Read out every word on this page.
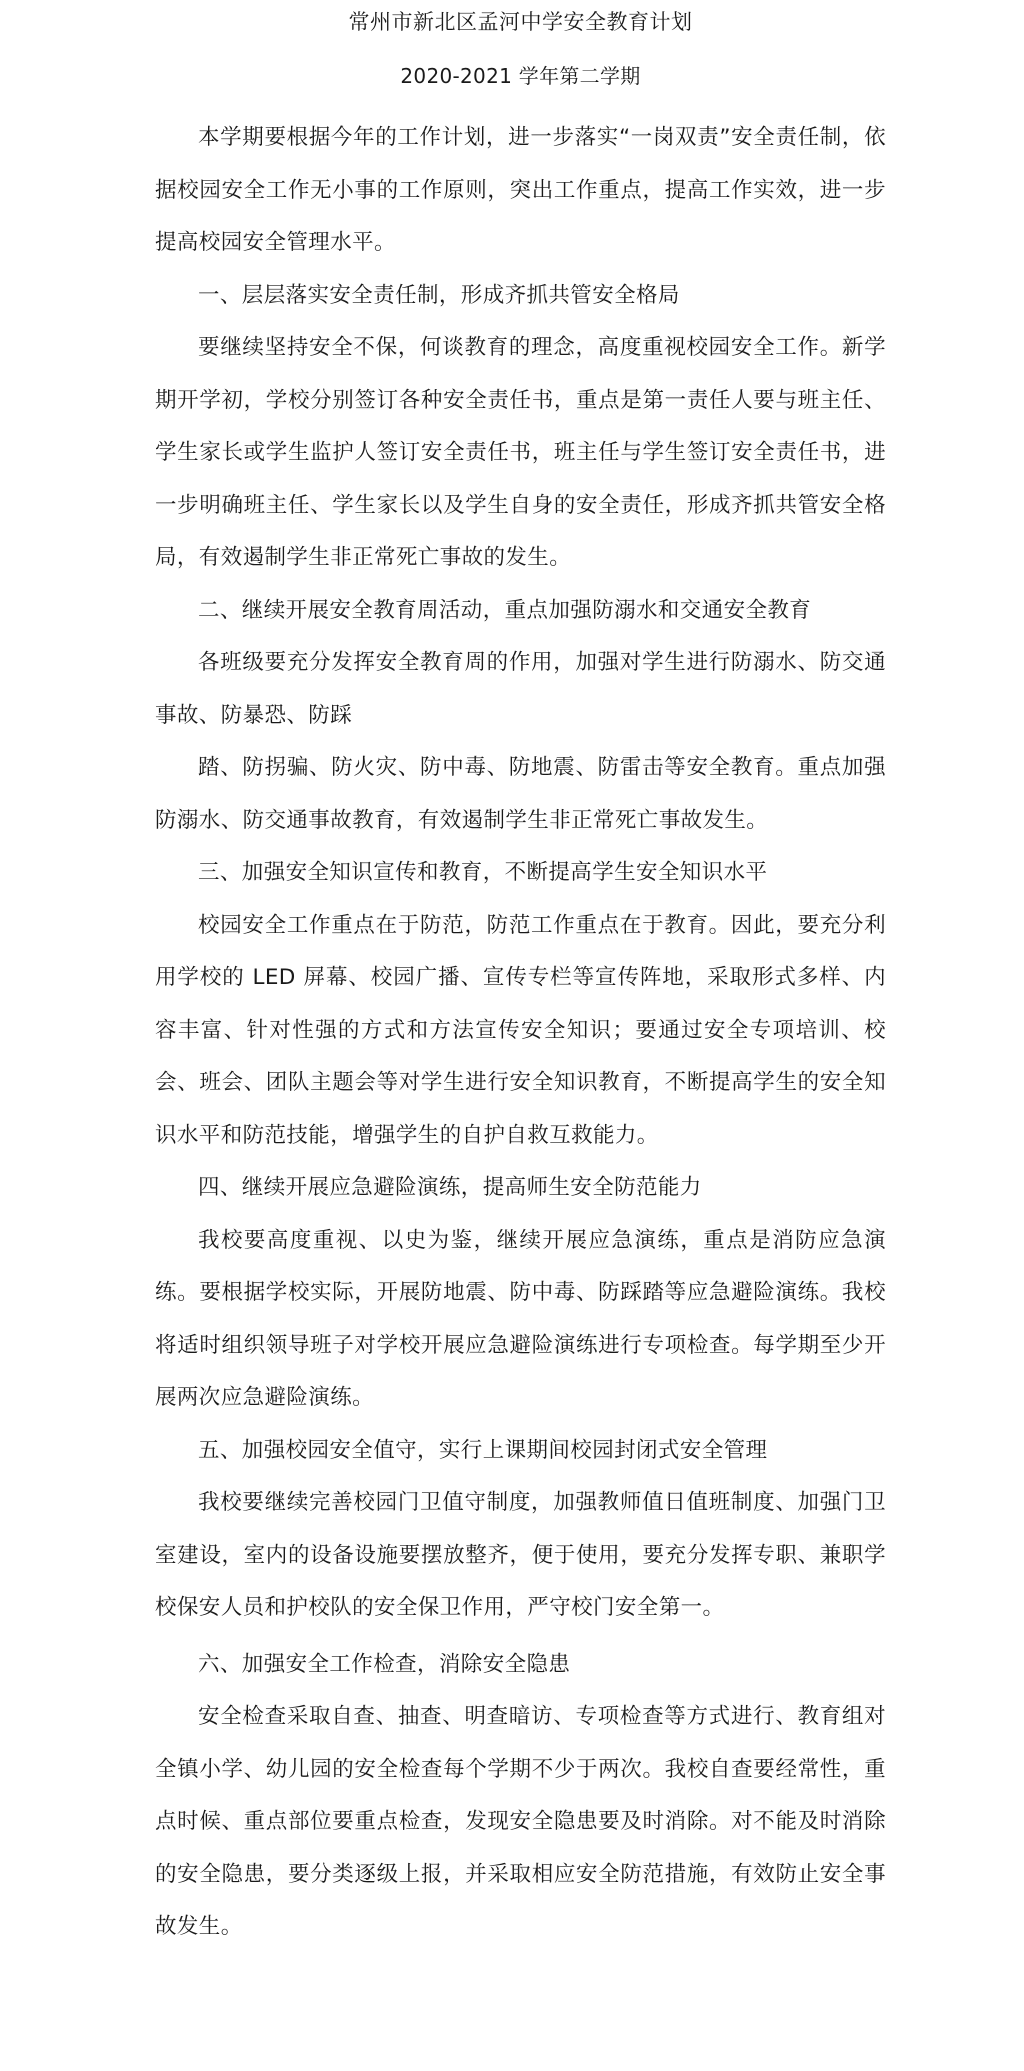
常州市新北区孟河中学安全教育计划
2020-2021 学年第二学期

本学期要根据今年的工作计划，进一步落实“一岗双责”安全责任制，依据校园安全工作无小事的工作原则，突出工作重点，提高工作实效，进一步提高校园安全管理水平。

一、层层落实安全责任制，形成齐抓共管安全格局

要继续坚持安全不保，何谈教育的理念，高度重视校园安全工作。新学期开学初，学校分别签订各种安全责任书，重点是第一责任人要与班主任、学生家长或学生监护人签订安全责任书，班主任与学生签订安全责任书，进一步明确班主任、学生家长以及学生自身的安全责任，形成齐抓共管安全格局，有效遏制学生非正常死亡事故的发生。

二、继续开展安全教育周活动，重点加强防溺水和交通安全教育

各班级要充分发挥安全教育周的作用，加强对学生进行防溺水、防交通事故、防暴恐、防踩

踏、防拐骗、防火灾、防中毒、防地震、防雷击等安全教育。重点加强防溺水、防交通事故教育，有效遏制学生非正常死亡事故发生。

三、加强安全知识宣传和教育，不断提高学生安全知识水平

校园安全工作重点在于防范，防范工作重点在于教育。因此，要充分利用学校的 LED 屏幕、校园广播、宣传专栏等宣传阵地，采取形式多样、内容丰富、针对性强的方式和方法宣传安全知识；要通过安全专项培训、校会、班会、团队主题会等对学生进行安全知识教育，不断提高学生的安全知识水平和防范技能，增强学生的自护自救互救能力。

四、继续开展应急避险演练，提高师生安全防范能力

我校要高度重视、以史为鉴，继续开展应急演练，重点是消防应急演练。要根据学校实际，开展防地震、防中毒、防踩踏等应急避险演练。我校将适时组织领导班子对学校开展应急避险演练进行专项检查。每学期至少开展两次应急避险演练。

五、加强校园安全值守，实行上课期间校园封闭式安全管理

我校要继续完善校园门卫值守制度，加强教师值日值班制度、加强门卫室建设，室内的设备设施要摆放整齐，便于使用，要充分发挥专职、兼职学校保安人员和护校队的安全保卫作用，严守校门安全第一。

六、加强安全工作检查，消除安全隐患

安全检查采取自查、抽查、明查暗访、专项检查等方式进行、教育组对全镇小学、幼儿园的安全检查每个学期不少于两次。我校自查要经常性，重点时候、重点部位要重点检查，发现安全隐患要及时消除。对不能及时消除的安全隐患，要分类逐级上报，并采取相应安全防范措施，有效防止安全事故发生。
